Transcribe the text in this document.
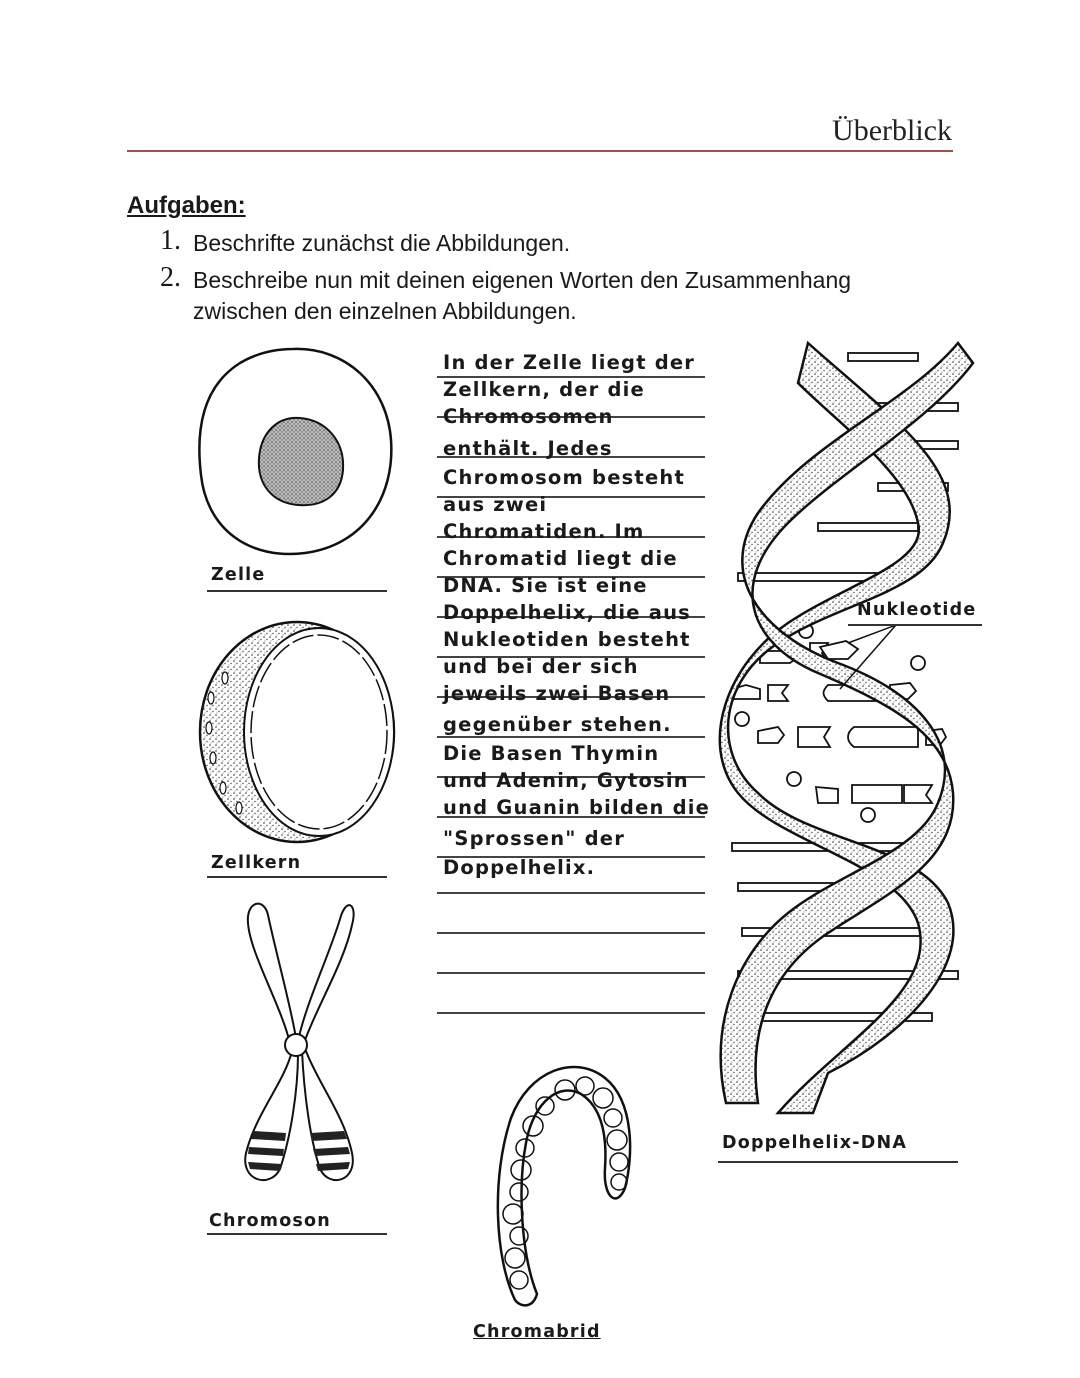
Überblick
Aufgaben:
1. Beschrifte zunächst die Abbildungen.
2. Beschreibe nun mit deinen eigenen Worten den Zusammenhang zwischen den einzelnen Abbildungen.
In der Zelle liegt der
Zellkern, der die
Chromosomen
enthält. Jedes
Chromosom besteht
aus zwei
Chromatiden. Im
Chromatid liegt die
DNA. Sie ist eine
Doppelhelix, die aus
Nukleotiden besteht
und bei der sich
jeweils zwei Basen
gegenüber stehen.
Die Basen Thymin
und Adenin, Gytosin
und Guanin bilden die
"Sprossen" der
Doppelhelix.
Zelle
Zellkern
Chromoson
Chromabrid
Nukleotide
Doppelhelix-DNA
